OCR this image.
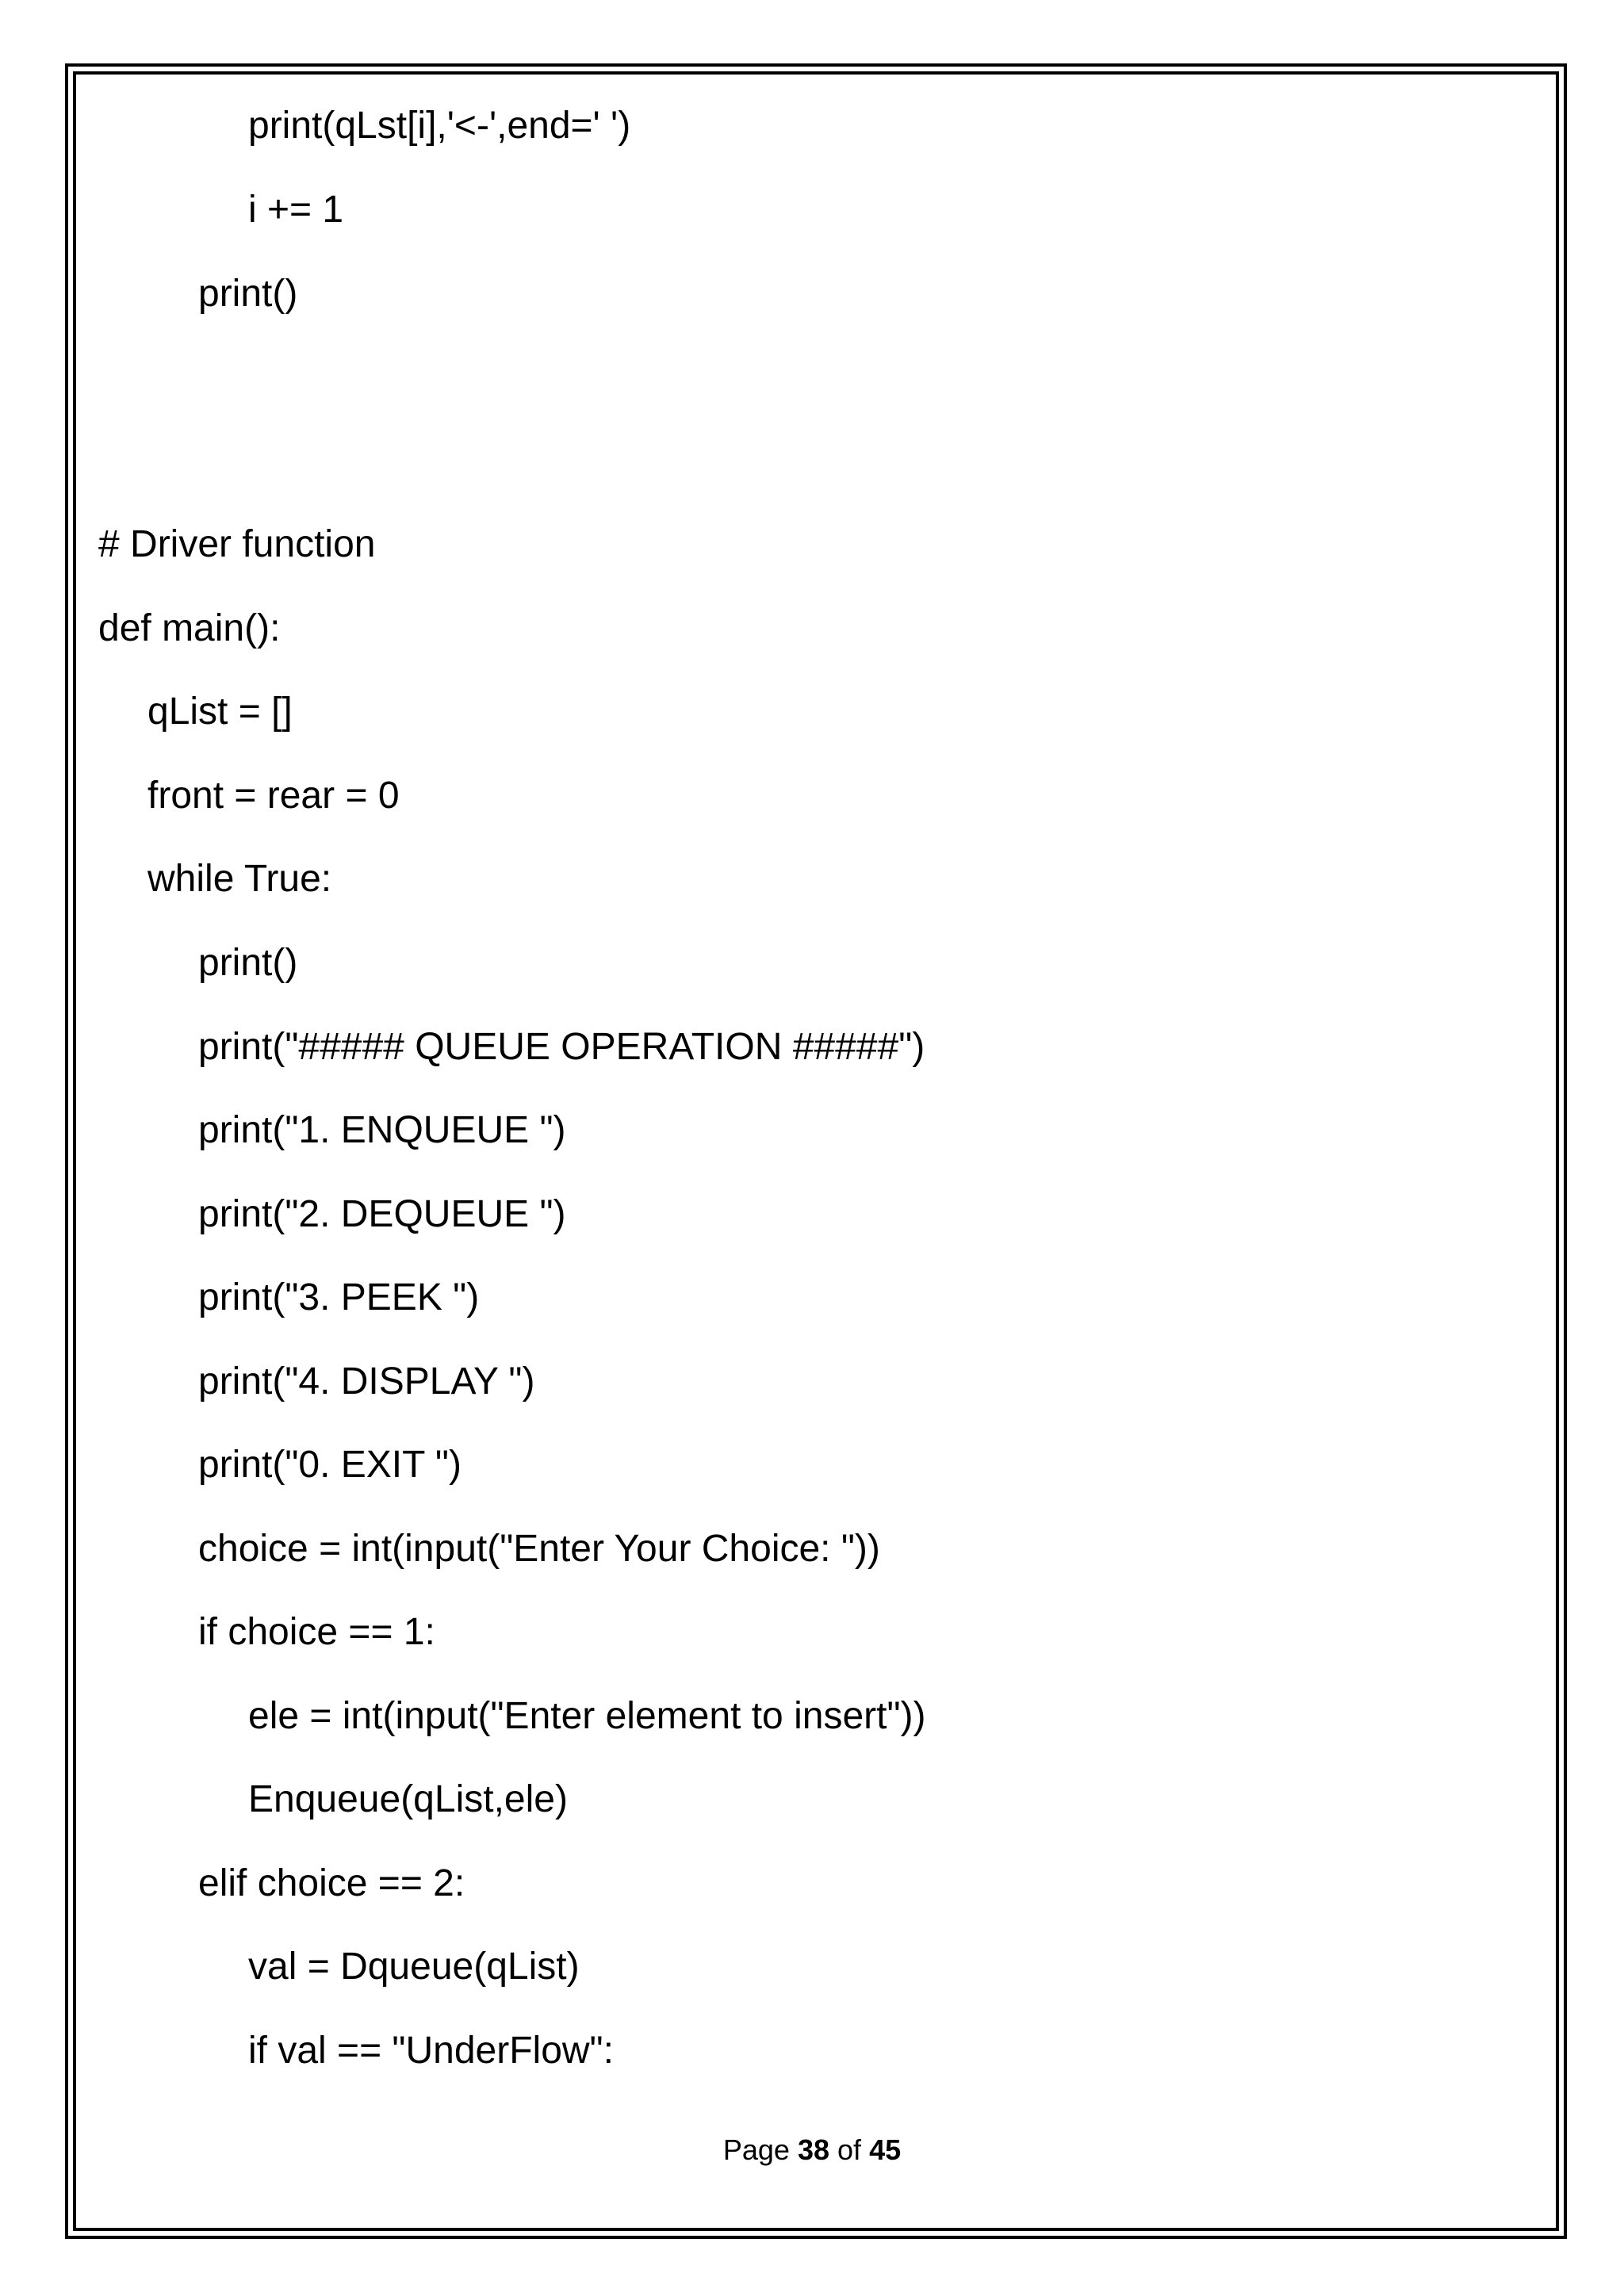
print(qLst[i],'<-',end=' ')
i += 1
print()
# Driver function
def main():
qList = []
front = rear = 0
while True:
print()
print("##### QUEUE OPERATION #####")
print("1. ENQUEUE ")
print("2. DEQUEUE ")
print("3. PEEK ")
print("4. DISPLAY ")
print("0. EXIT ")
choice = int(input("Enter Your Choice: "))
if choice == 1:
ele = int(input("Enter element to insert"))
Enqueue(qList,ele)
elif choice == 2:
val = Dqueue(qList)
if val == "UnderFlow":
Page 38 of 45
